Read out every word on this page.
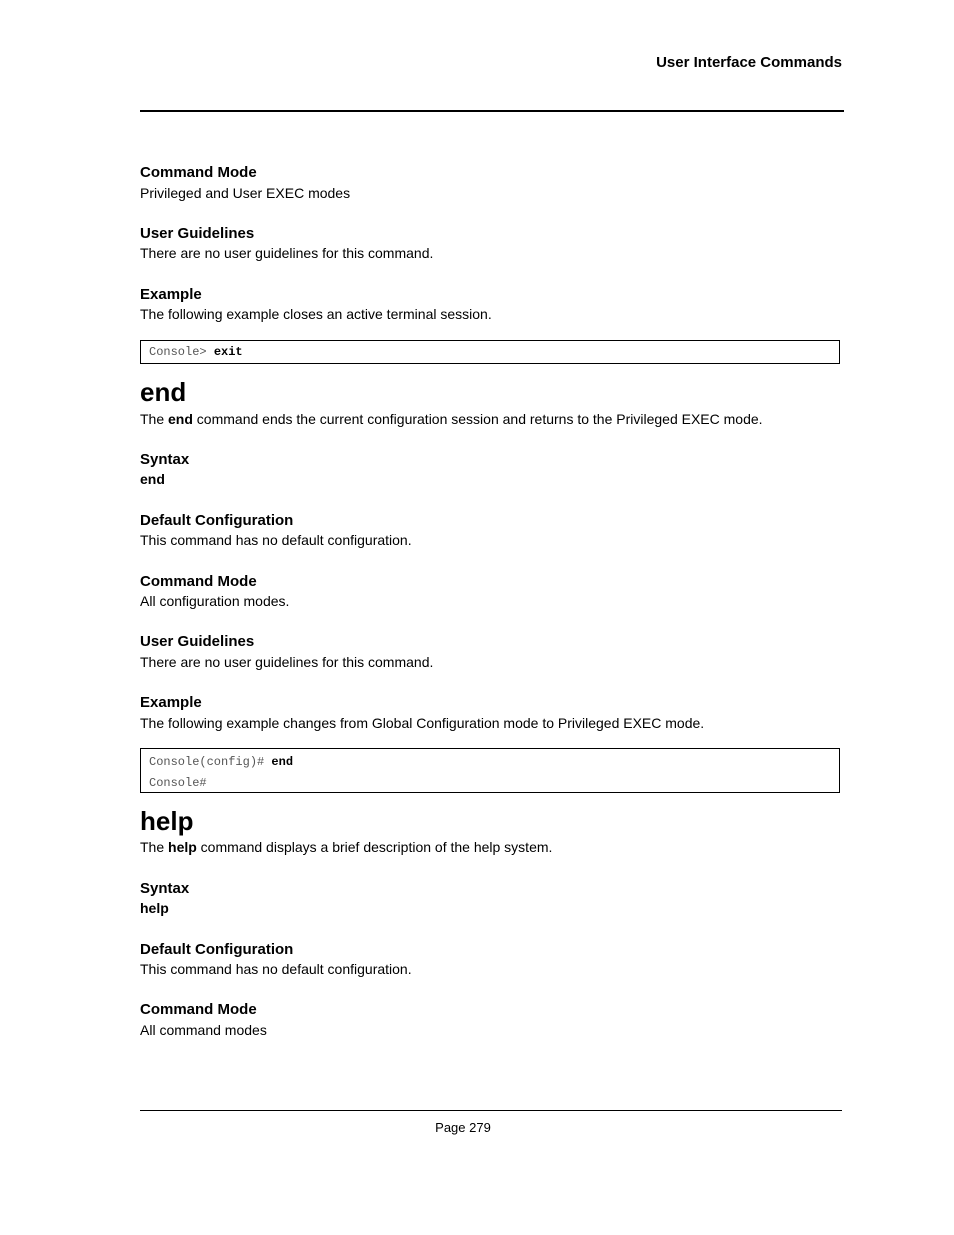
User Interface Commands
Command Mode
Privileged and User EXEC modes
User Guidelines
There are no user guidelines for this command.
Example
The following example closes an active terminal session.
Console> exit
end
The end command ends the current configuration session and returns to the Privileged EXEC mode.
Syntax
end
Default Configuration
This command has no default configuration.
Command Mode
All configuration modes.
User Guidelines
There are no user guidelines for this command.
Example
The following example changes from Global Configuration mode to Privileged EXEC mode.
Console(config)# end
Console#
help
The help command displays a brief description of the help system.
Syntax
help
Default Configuration
This command has no default configuration.
Command Mode
All command modes
Page 279
